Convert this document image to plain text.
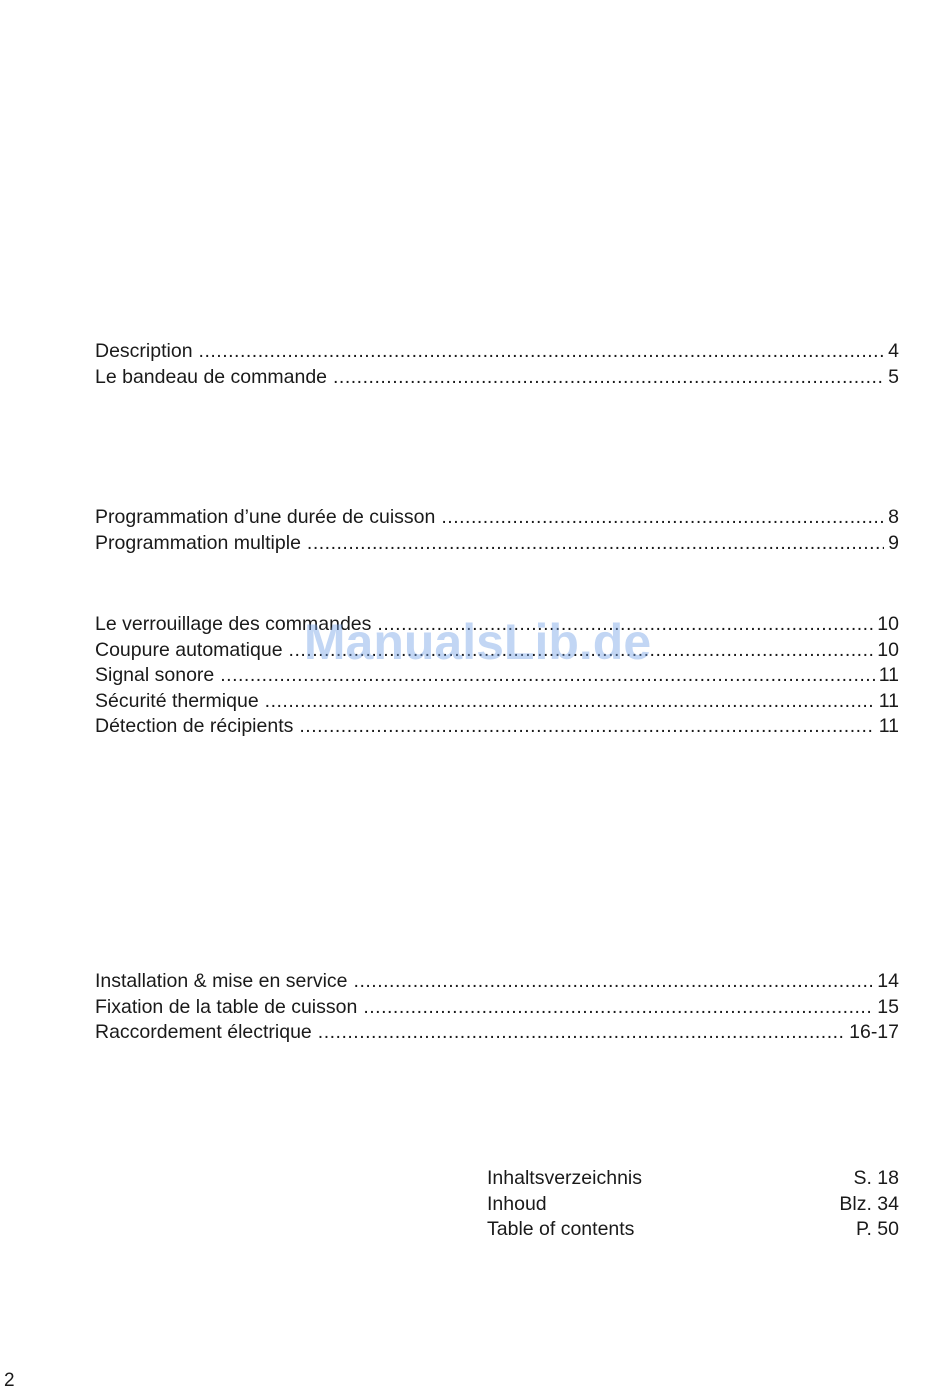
Description .....	4
Le bandeau de commande .....	5
Programmation d’une durée de cuisson .....	8
Programmation multiple .....	9
Le verrouillage des commandes .....	10
Coupure automatique .....	10
Signal sonore .....	11
Sécurité thermique .....	11
Détection de récipients .....	11
Installation & mise en service .....	14
Fixation de la table de cuisson .....	15
Raccordement électrique .....	16-17
Inhaltsverzeichnis	S. 18
Inhoud	Blz. 34
Table of contents	P. 50
ManualsLib.de
2
